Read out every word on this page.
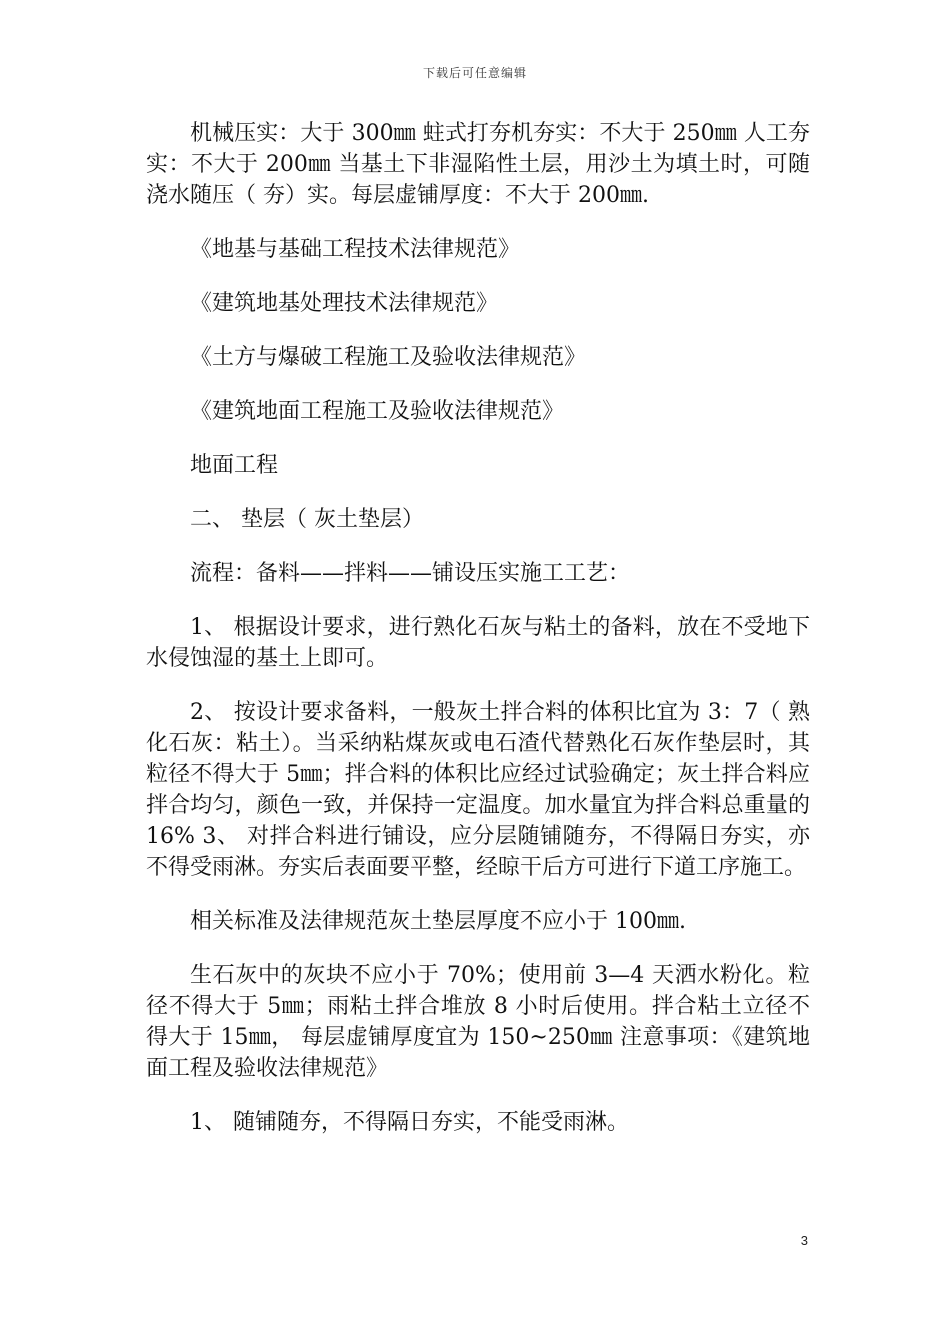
下载后可任意编辑

机械压实：大于 300㎜ 蛀式打夯机夯实：不大于 250㎜ 人工夯实：不大于 200㎜ 当基土下非湿陷性土层，用沙土为填土时，可随浇水随压（ 夯）实。每层虚铺厚度：不大于 200㎜.

《地基与基础工程技术法律规范》

《建筑地基处理技术法律规范》

《土方与爆破工程施工及验收法律规范》

《建筑地面工程施工及验收法律规范》

地面工程

二、 垫层（ 灰土垫层）

流程：备料——拌料——铺设压实施工工艺：

1、 根据设计要求，进行熟化石灰与粘土的备料，放在不受地下水侵蚀湿的基土上即可。

2、 按设计要求备料，一般灰土拌合料的体积比宜为 3：7（ 熟化石灰：粘土）。当采纳粘煤灰或电石渣代替熟化石灰作垫层时，其粒径不得大于 5㎜；拌合料的体积比应经过试验确定；灰土拌合料应拌合均匀，颜色一致，并保持一定温度。加水量宜为拌合料总重量的 16% 3、 对拌合料进行铺设，应分层随铺随夯，不得隔日夯实，亦不得受雨淋。夯实后表面要平整，经晾干后方可进行下道工序施工。

相关标准及法律规范灰土垫层厚度不应小于 100㎜.

生石灰中的灰块不应小于 70%；使用前 3—4 天洒水粉化。粒径不得大于 5㎜；雨粘土拌合堆放 8 小时后使用。拌合粘土立径不得大于 15㎜， 每层虚铺厚度宜为 150~250㎜ 注意事项：《建筑地面工程及验收法律规范》

1、 随铺随夯，不得隔日夯实，不能受雨淋。

3
